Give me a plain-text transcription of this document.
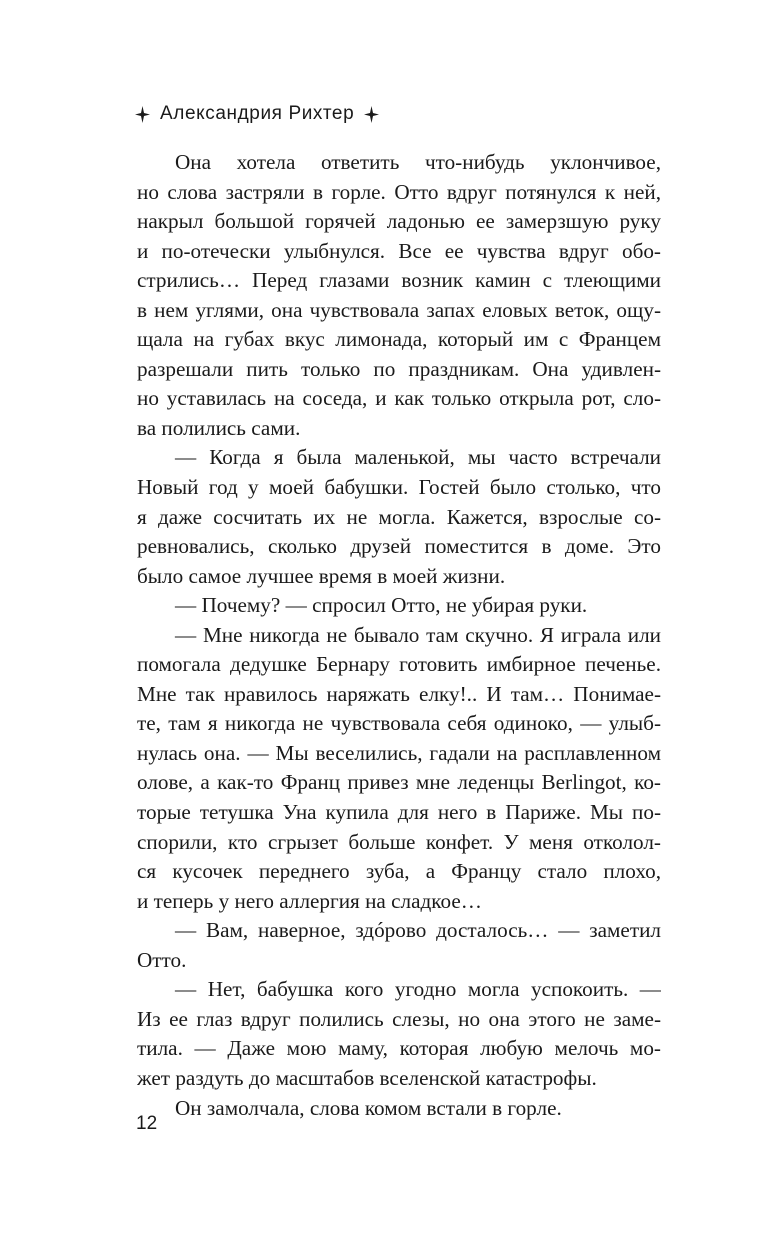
Александрия Рихтер
Она хотела ответить что-нибудь уклончивое,
но слова застряли в горле. Отто вдруг потянулся к ней,
накрыл большой горячей ладонью ее замерзшую руку
и по-отечески улыбнулся. Все ее чувства вдруг обо-
стрились… Перед глазами возник камин с тлеющими
в нем углями, она чувствовала запах еловых веток, ощу-
щала на губах вкус лимонада, который им с Францем
разрешали пить только по праздникам. Она удивлен-
но уставилась на соседа, и как только открыла рот, сло-
ва полились сами.
— Когда я была маленькой, мы часто встречали
Новый год у моей бабушки. Гостей было столько, что
я даже сосчитать их не могла. Кажется, взрослые со-
ревновались, сколько друзей поместится в доме. Это
было самое лучшее время в моей жизни.
— Почему? — спросил Отто, не убирая руки.
— Мне никогда не бывало там скучно. Я играла или
помогала дедушке Бернару готовить имбирное печенье.
Мне так нравилось наряжать елку!.. И там… Понимае-
те, там я никогда не чувствовала себя одиноко, — улыб-
нулась она. — Мы веселились, гадали на расплавленном
олове, а как-то Франц привез мне леденцы Berlingot, ко-
торые тетушка Уна купила для него в Париже. Мы по-
спорили, кто сгрызет больше конфет. У меня отколол-
ся кусочек переднего зуба, а Францу стало плохо,
и теперь у него аллергия на сладкое…
— Вам, наверное, здóрово досталось… — заметил
Отто.
— Нет, бабушка кого угодно могла успокоить. —
Из ее глаз вдруг полились слезы, но она этого не заме-
тила. — Даже мою маму, которая любую мелочь мо-
жет раздуть до масштабов вселенской катастрофы.
Он замолчала, слова комом встали в горле.
12
